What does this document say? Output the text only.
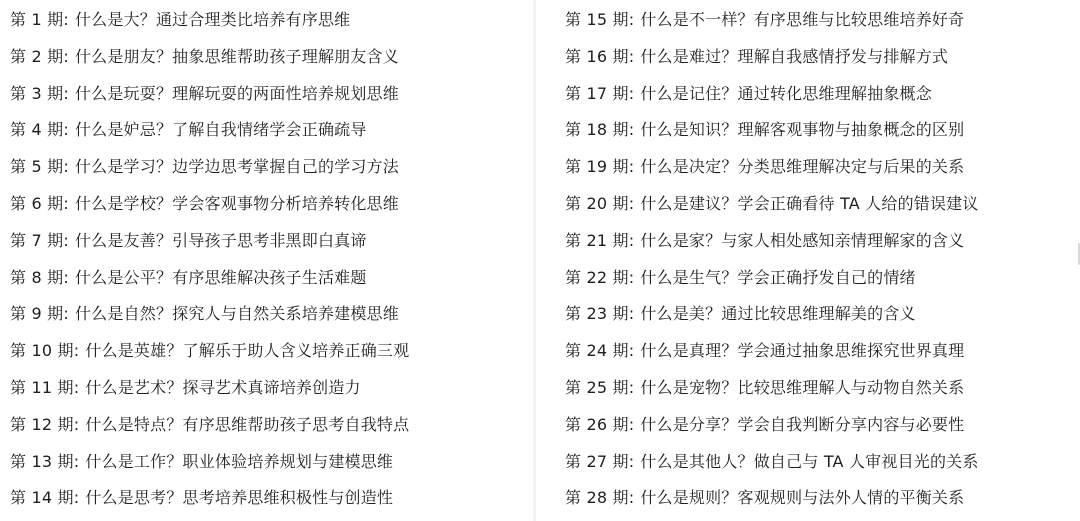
第 1 期: 什么是大？通过合理类比培养有序思维
第 2 期: 什么是朋友？抽象思维帮助孩子理解朋友含义
第 3 期: 什么是玩耍？理解玩耍的两面性培养规划思维
第 4 期: 什么是妒忌？了解自我情绪学会正确疏导
第 5 期: 什么是学习？边学边思考掌握自己的学习方法
第 6 期: 什么是学校？学会客观事物分析培养转化思维
第 7 期: 什么是友善？引导孩子思考非黑即白真谛
第 8 期: 什么是公平？有序思维解决孩子生活难题
第 9 期: 什么是自然？探究人与自然关系培养建模思维
第 10 期: 什么是英雄？了解乐于助人含义培养正确三观
第 11 期: 什么是艺术？探寻艺术真谛培养创造力
第 12 期: 什么是特点？有序思维帮助孩子思考自我特点
第 13 期: 什么是工作？职业体验培养规划与建模思维
第 14 期: 什么是思考？思考培养思维积极性与创造性
第 15 期: 什么是不一样？有序思维与比较思维培养好奇
第 16 期: 什么是难过？理解自我感情抒发与排解方式
第 17 期: 什么是记住？通过转化思维理解抽象概念
第 18 期: 什么是知识？理解客观事物与抽象概念的区别
第 19 期: 什么是决定？分类思维理解决定与后果的关系
第 20 期: 什么是建议？学会正确看待 TA 人给的错误建议
第 21 期: 什么是家？与家人相处感知亲情理解家的含义
第 22 期: 什么是生气？学会正确抒发自己的情绪
第 23 期: 什么是美？通过比较思维理解美的含义
第 24 期: 什么是真理？学会通过抽象思维探究世界真理
第 25 期: 什么是宠物？比较思维理解人与动物自然关系
第 26 期: 什么是分享？学会自我判断分享内容与必要性
第 27 期: 什么是其他人？做自己与 TA 人审视目光的关系
第 28 期: 什么是规则？客观规则与法外人情的平衡关系
